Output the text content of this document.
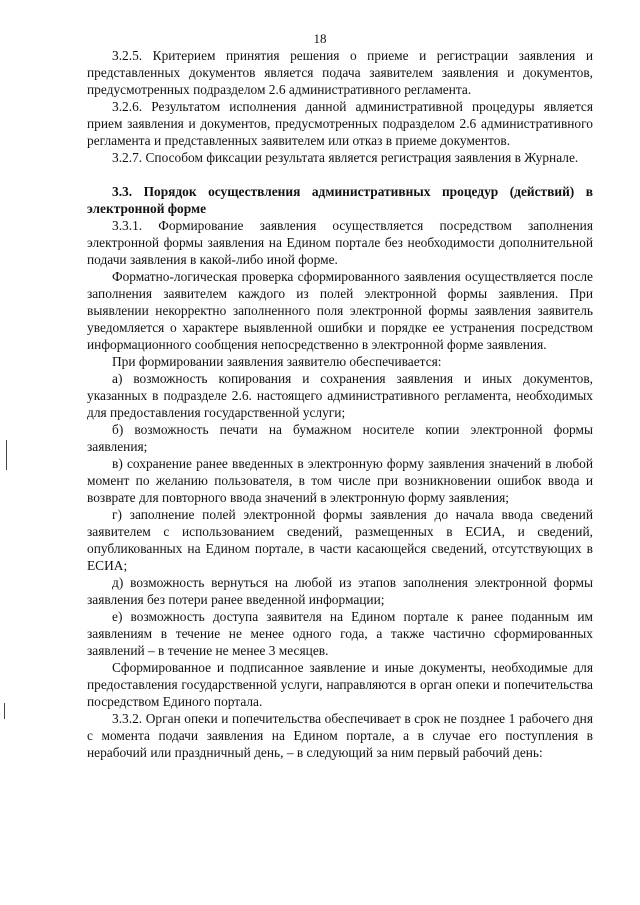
18

3.2.5. Критерием принятия решения о приеме и регистрации заявления и представленных документов является подача заявителем заявления и документов, предусмотренных подразделом 2.6 административного регламента.

3.2.6. Результатом исполнения данной административной процедуры является прием заявления и документов, предусмотренных подразделом 2.6 административного регламента и представленных заявителем или отказ в приеме документов.

3.2.7. Способом фиксации результата является регистрация заявления в Журнале.

3.3. Порядок осуществления административных процедур (действий) в электронной форме

3.3.1. Формирование заявления осуществляется посредством заполнения электронной формы заявления на Едином портале без необходимости дополнительной подачи заявления в какой-либо иной форме.

Форматно-логическая проверка сформированного заявления осуществляется после заполнения заявителем каждого из полей электронной формы заявления. При выявлении некорректно заполненного поля электронной формы заявления заявитель уведомляется о характере выявленной ошибки и порядке ее устранения посредством информационного сообщения непосредственно в электронной форме заявления.

При формировании заявления заявителю обеспечивается:

а) возможность копирования и сохранения заявления и иных документов, указанных в подразделе 2.6. настоящего административного регламента, необходимых для предоставления государственной услуги;

б) возможность печати на бумажном носителе копии электронной формы заявления;

в) сохранение ранее введенных в электронную форму заявления значений в любой момент по желанию пользователя, в том числе при возникновении ошибок ввода и возврате для повторного ввода значений в электронную форму заявления;

г) заполнение полей электронной формы заявления до начала ввода сведений заявителем с использованием сведений, размещенных в ЕСИА, и сведений, опубликованных на Едином портале, в части касающейся сведений, отсутствующих в ЕСИА;

д) возможность вернуться на любой из этапов заполнения электронной формы заявления без потери ранее введенной информации;

е) возможность доступа заявителя на Едином портале к ранее поданным им заявлениям в течение не менее одного года, а также частично сформированных заявлений – в течение не менее 3 месяцев.

Сформированное и подписанное заявление и иные документы, необходимые для предоставления государственной услуги, направляются в орган опеки и попечительства посредством Единого портала.

3.3.2. Орган опеки и попечительства обеспечивает в срок не позднее 1 рабочего дня с момента подачи заявления на Едином портале, а в случае его поступления в нерабочий или праздничный день, – в следующий за ним первый рабочий день:
